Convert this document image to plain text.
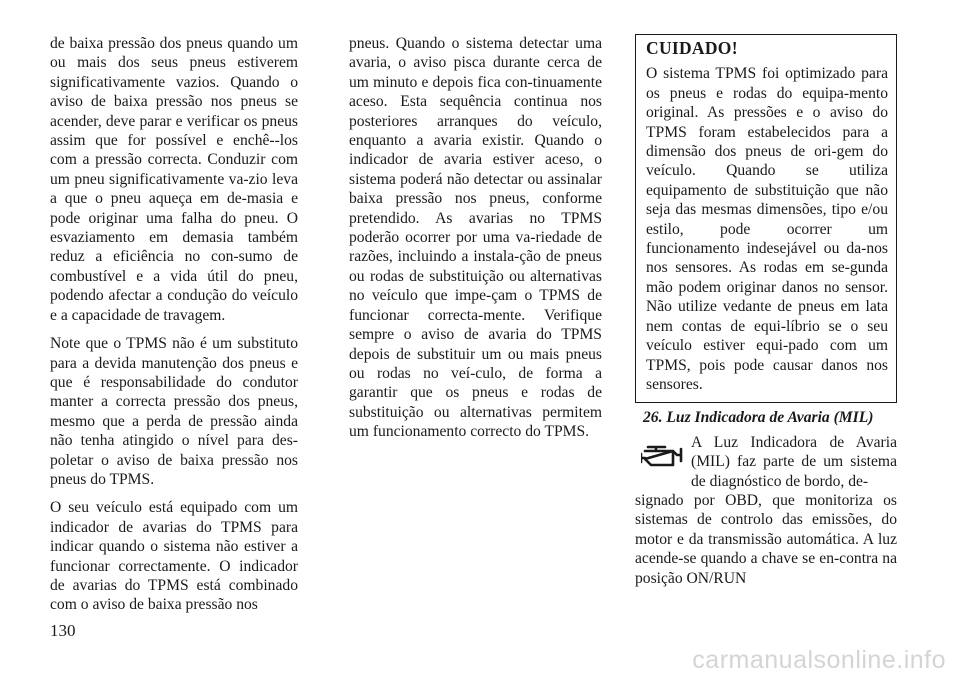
de baixa pressão dos pneus quando um ou mais dos seus pneus estiverem significativamente vazios. Quando o aviso de baixa pressão nos pneus se acender, deve parar e verificar os pneus assim que for possível e enchê--los com a pressão correcta. Conduzir com um pneu significativamente va-zio leva a que o pneu aqueça em de-masia e pode originar uma falha do pneu. O esvaziamento em demasia também reduz a eficiência no con-sumo de combustível e a vida útil do pneu, podendo afectar a condução do veículo e a capacidade de travagem.

Note que o TPMS não é um substituto para a devida manutenção dos pneus e que é responsabilidade do condutor manter a correcta pressão dos pneus, mesmo que a perda de pressão ainda não tenha atingido o nível para des-poletar o aviso de baixa pressão nos pneus do TPMS.

O seu veículo está equipado com um indicador de avarias do TPMS para indicar quando o sistema não estiver a funcionar correctamente. O indicador de avarias do TPMS está combinado com o aviso de baixa pressão nos

pneus. Quando o sistema detectar uma avaria, o aviso pisca durante cerca de um minuto e depois fica con-tinuamente aceso. Esta sequência continua nos posteriores arranques do veículo, enquanto a avaria existir. Quando o indicador de avaria estiver aceso, o sistema poderá não detectar ou assinalar baixa pressão nos pneus, conforme pretendido. As avarias no TPMS poderão ocorrer por uma va-riedade de razões, incluindo a instala-ção de pneus ou rodas de substituição ou alternativas no veículo que impe-çam o TPMS de funcionar correcta-mente. Verifique sempre o aviso de avaria do TPMS depois de substituir um ou mais pneus ou rodas no veí-culo, de forma a garantir que os pneus e rodas de substituição ou alternativas permitem um funcionamento correcto do TPMS.

CUIDADO!

O sistema TPMS foi optimizado para os pneus e rodas do equipa-mento original. As pressões e o aviso do TPMS foram estabelecidos para a dimensão dos pneus de ori-gem do veículo. Quando se utiliza equipamento de substituição que não seja das mesmas dimensões, tipo e/ou estilo, pode ocorrer um funcionamento indesejável ou da-nos nos sensores. As rodas em se-gunda mão podem originar danos no sensor. Não utilize vedante de pneus em lata nem contas de equi-líbrio se o seu veículo estiver equi-pado com um TPMS, pois pode causar danos nos sensores.

26. Luz Indicadora de Avaria (MIL)
A Luz Indicadora de Avaria (MIL) faz parte de um sistema de diagnóstico de bordo, de-
signado por OBD, que monitoriza os sistemas de controlo das emissões, do motor e da transmissão automática. A luz acende-se quando a chave se en-contra na posição ON/RUN
130
carmanualsonline.info
